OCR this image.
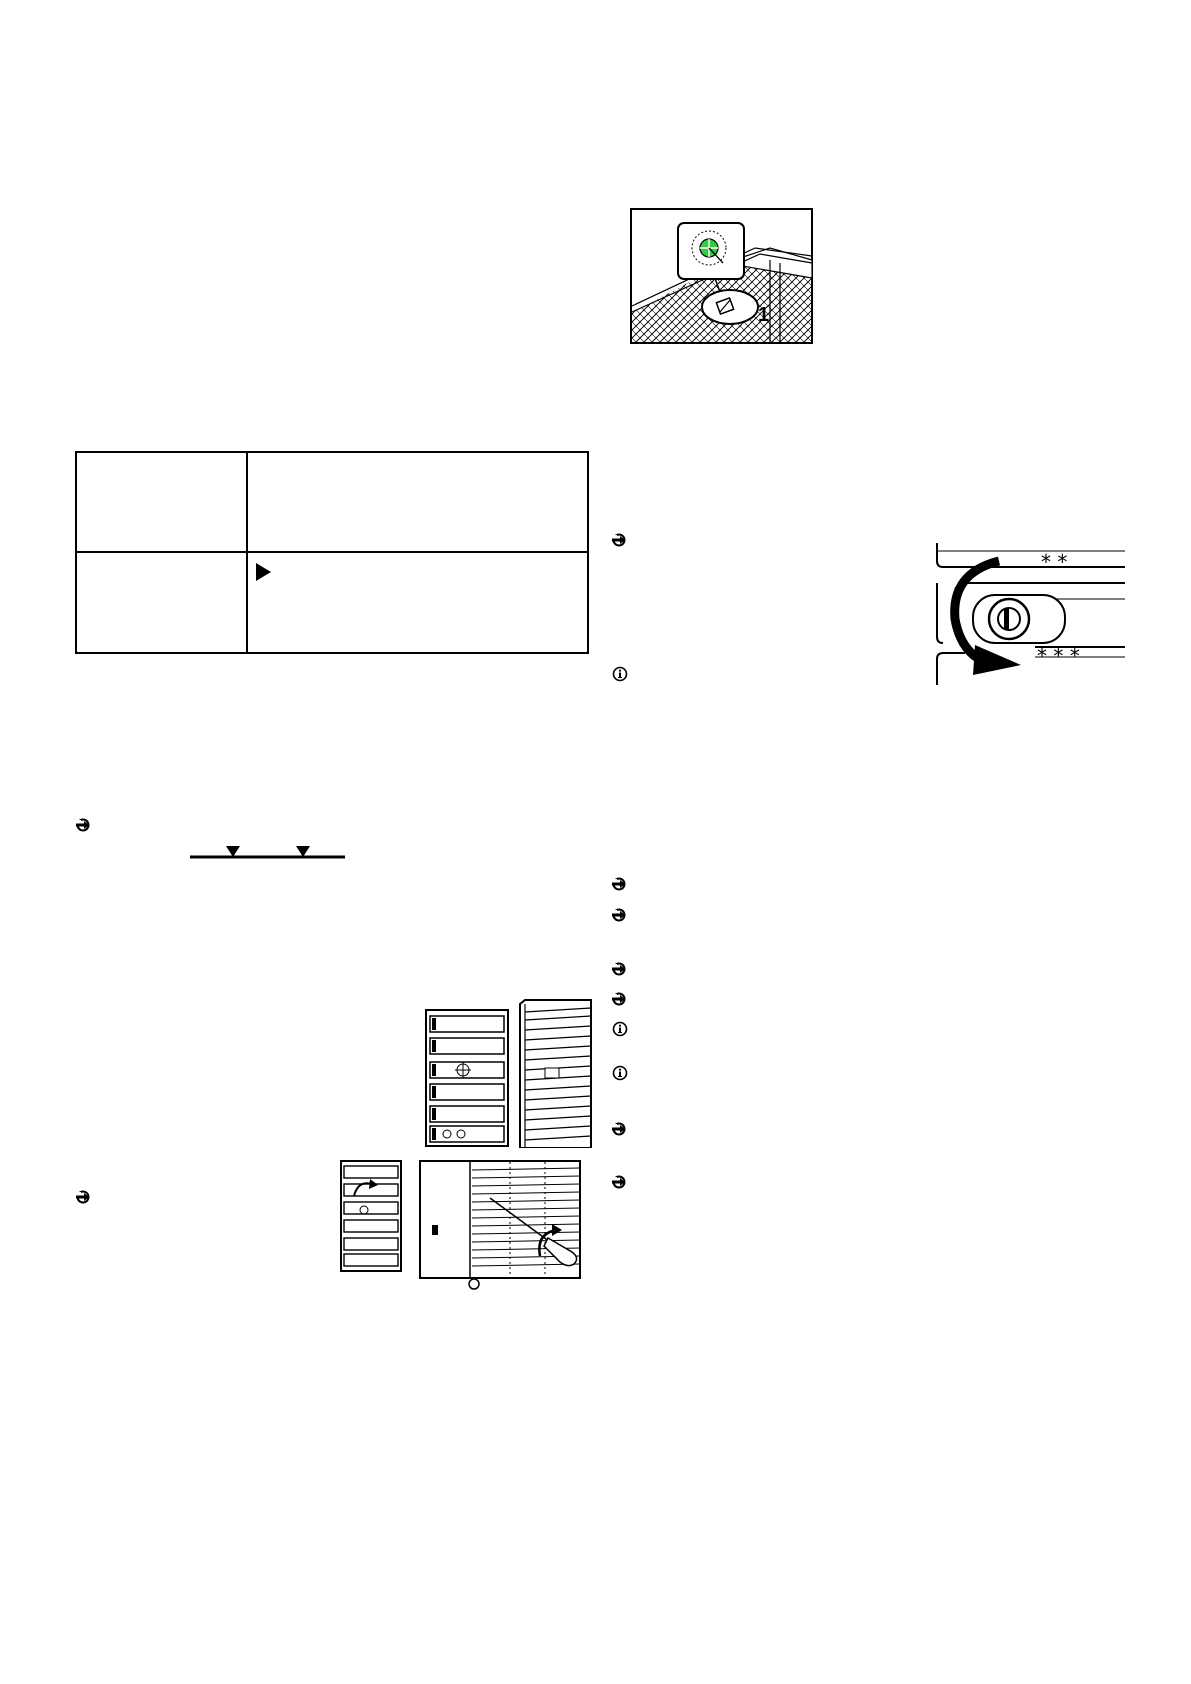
1
* *
* * *
